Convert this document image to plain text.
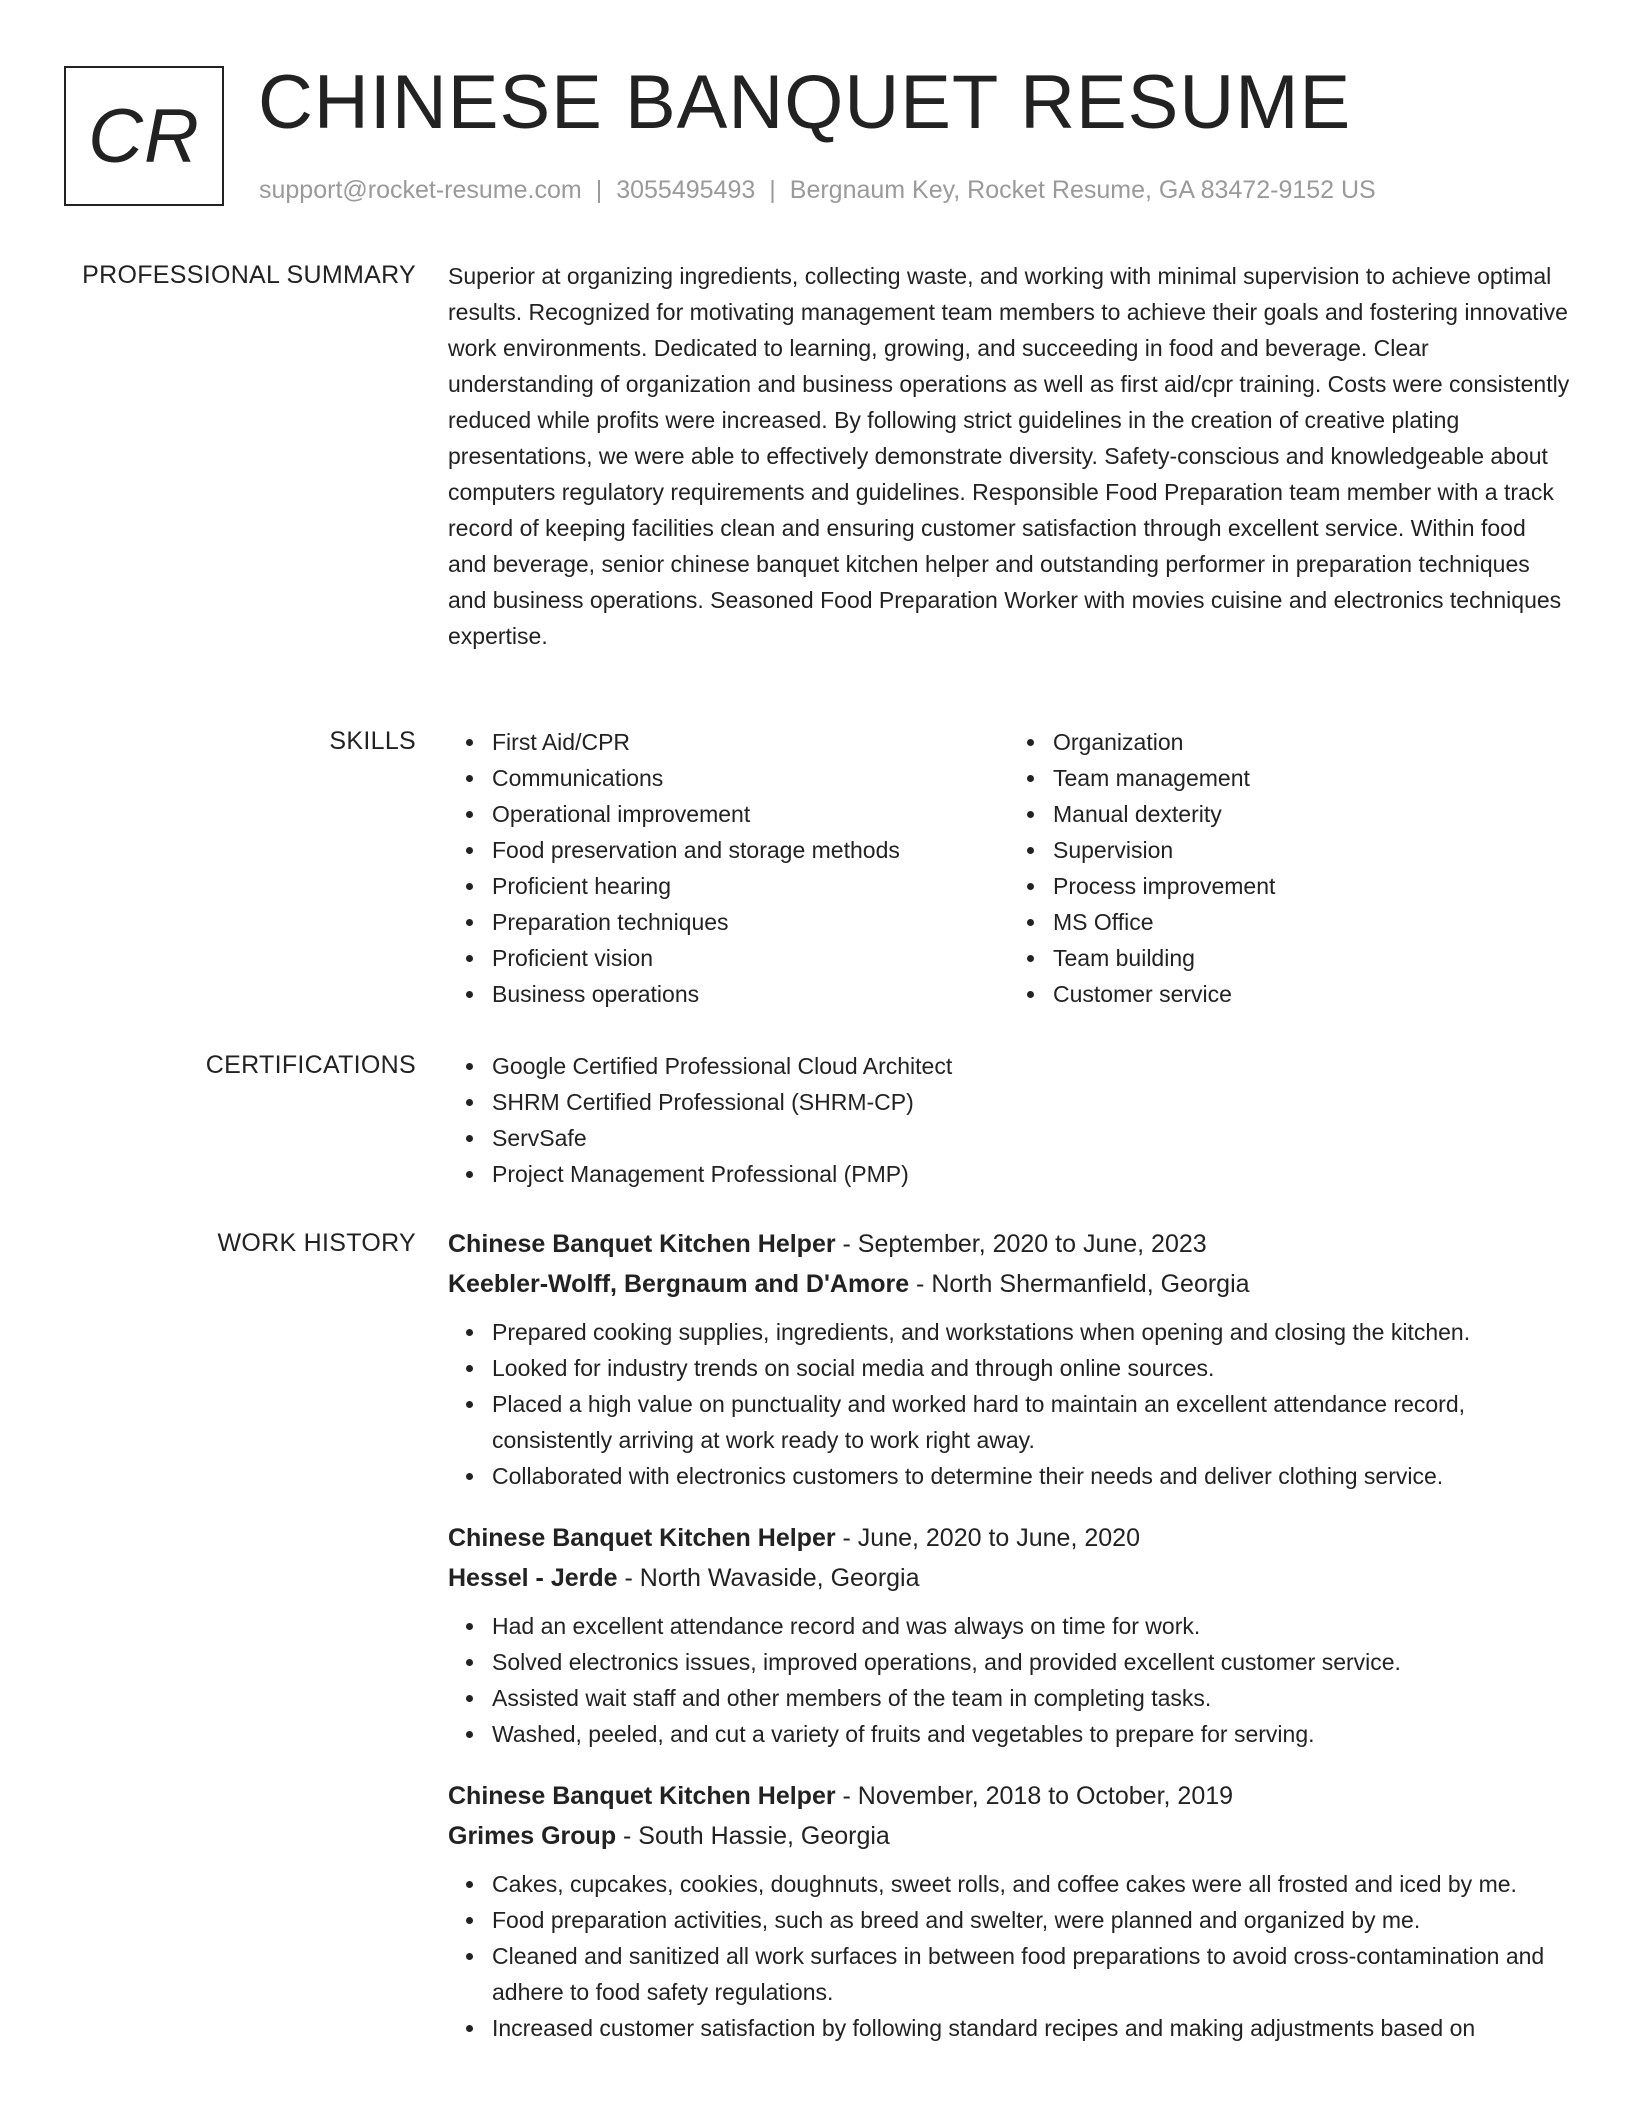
CR CHINESE BANQUET RESUME
support@rocket-resume.com | 3055495493 | Bergnaum Key, Rocket Resume, GA 83472-9152 US
PROFESSIONAL SUMMARY Superior at organizing ingredients, collecting waste, and working with minimal supervision to achieve optimal results. Recognized for motivating management team members to achieve their goals and fostering innovative work environments. Dedicated to learning, growing, and succeeding in food and beverage. Clear understanding of organization and business operations as well as first aid/cpr training. Costs were consistently reduced while profits were increased. By following strict guidelines in the creation of creative plating presentations, we were able to effectively demonstrate diversity. Safety-conscious and knowledgeable about computers regulatory requirements and guidelines. Responsible Food Preparation team member with a track record of keeping facilities clean and ensuring customer satisfaction through excellent service. Within food and beverage, senior chinese banquet kitchen helper and outstanding performer in preparation techniques and business operations. Seasoned Food Preparation Worker with movies cuisine and electronics techniques expertise.

SKILLS	First Aid/CPR
Communications
Operational improvement
Food preservation and storage methods
Proficient hearing
Preparation techniques
Proficient vision
Business operations
Organization
Team management
Manual dexterity
Supervision
Process improvement
MS Office
Team building
Customer service
CERTIFICATIONS	Google Certified Professional Cloud Architect
SHRM Certified Professional (SHRM-CP)
ServSafe
Project Management Professional (PMP)
WORK HISTORY Chinese Banquet Kitchen Helper - September, 2020 to June, 2023
Keebler-Wolff, Bergnaum and D'Amore - North Shermanfield, Georgia
Prepared cooking supplies, ingredients, and workstations when opening and closing the kitchen.
Looked for industry trends on social media and through online sources.
Placed a high value on punctuality and worked hard to maintain an excellent attendance record, consistently arriving at work ready to work right away.
Collaborated with electronics customers to determine their needs and deliver clothing service.
Chinese Banquet Kitchen Helper - June, 2020 to June, 2020
Hessel - Jerde - North Wavaside, Georgia
Had an excellent attendance record and was always on time for work.
Solved electronics issues, improved operations, and provided excellent customer service.
Assisted wait staff and other members of the team in completing tasks.
Washed, peeled, and cut a variety of fruits and vegetables to prepare for serving.
Chinese Banquet Kitchen Helper - November, 2018 to October, 2019
Grimes Group - South Hassie, Georgia
Cakes, cupcakes, cookies, doughnuts, sweet rolls, and coffee cakes were all frosted and iced by me.
Food preparation activities, such as breed and swelter, were planned and organized by me.
Cleaned and sanitized all work surfaces in between food preparations to avoid cross-contamination and adhere to food safety regulations.
Increased customer satisfaction by following standard recipes and making adjustments based on
